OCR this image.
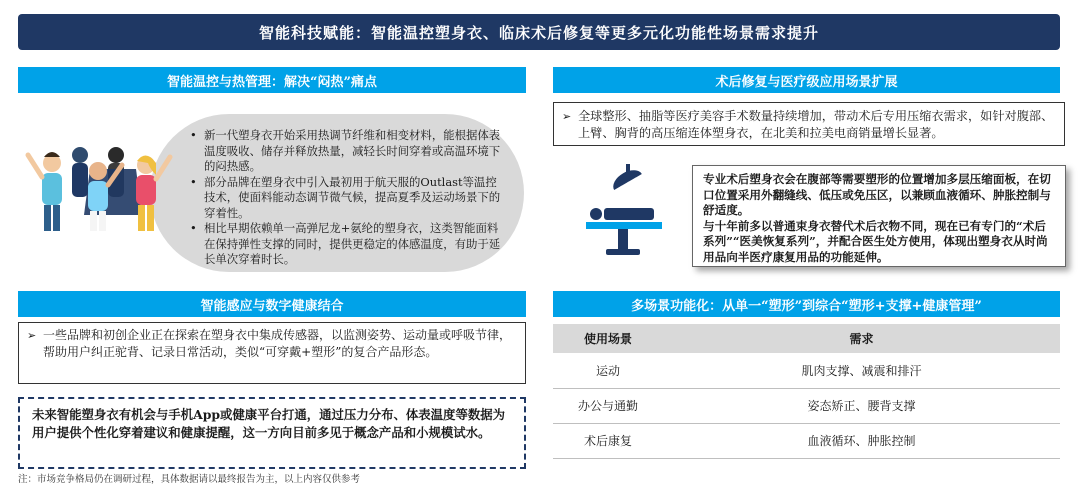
智能科技赋能：智能温控塑身衣、临床术后修复等更多元化功能性场景需求提升
智能温控与热管理：解决“闷热”痛点
• 新一代塑身衣开始采用热调节纤维和相变材料，能根据体表温度吸收、储存并释放热量，减轻长时间穿着或高温环境下的闷热感。
• 部分品牌在塑身衣中引入最初用于航天服的Outlast等温控技术，使面料能动态调节微气候，提高夏季及运动场景下的穿着性。
• 相比早期依赖单一高弹尼龙+氨纶的塑身衣，这类智能面料在保持弹性支撑的同时，提供更稳定的体感温度，有助于延长单次穿着时长。
智能感应与数字健康结合
➢ 一些品牌和初创企业正在探索在塑身衣中集成传感器，以监测姿势、运动量或呼吸节律，帮助用户纠正驼背、记录日常活动，类似“可穿戴+塑形”的复合产品形态。
未来智能塑身衣有机会与手机App或健康平台打通，通过压力分布、体表温度等数据为用户提供个性化穿着建议和健康提醒，这一方向目前多见于概念产品和小规模试水。
术后修复与医疗级应用场景扩展
➢ 全球整形、抽脂等医疗美容手术数量持续增加，带动术后专用压缩衣需求，如针对腹部、上臂、胸背的高压缩连体塑身衣，在北美和拉美电商销量增长显著。

专业术后塑身衣会在腹部等需要塑形的位置增加多层压缩面板，在切口位置采用外翻缝线、低压或免压区，以兼顾血液循环、肿胀控制与舒适度。

与十年前多以普通束身衣替代术后衣物不同，现在已有专门的“术后系列”“医美恢复系列”，并配合医生处方使用，体现出塑身衣从时尚用品向半医疗康复用品的功能延伸。

多场景功能化：从单一“塑形”到综合“塑形+支撑+健康管理”
使用场景	需求
运动	肌肉支撑、减震和排汗
办公与通勤	姿态矫正、腰背支撑
术后康复	血液循环、肿胀控制
注：市场竞争格局仍在调研过程，具体数据请以最终报告为主，以上内容仅供参考
